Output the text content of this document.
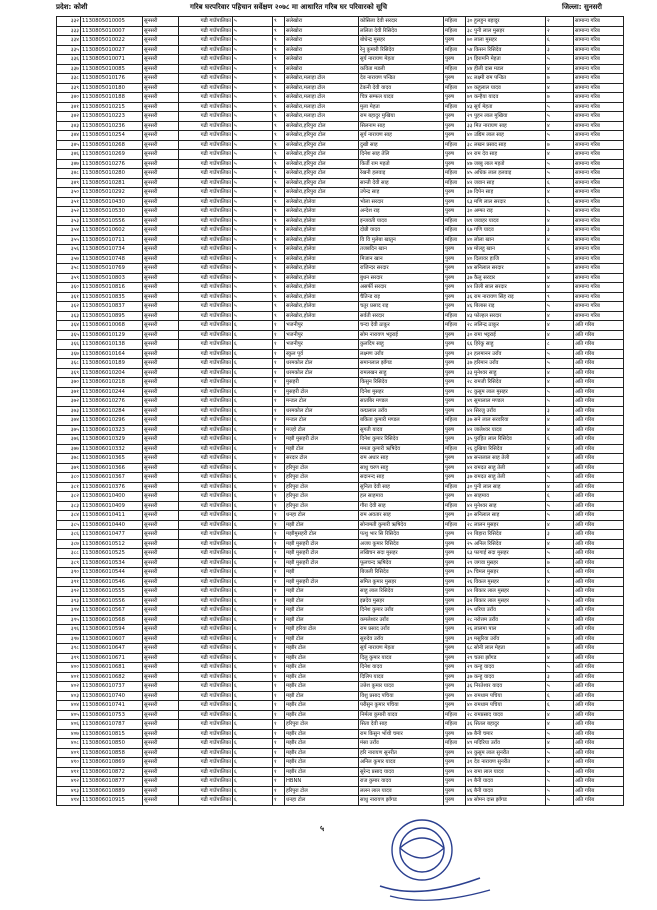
प्रदेश: कोशी	गरिब घरपरिवार पहिचान सर्वेक्षण २०७८ मा आधारित गरिब घर परिवारको सूचि	जिल्ला: सुनसरी
३३२	1130805010005	सुनसरी	गढी गाउँपालिका	५	९	सलेखोरा	कोसिला देवी सरदार	महिला	३० हुलहुन बहादुर	२	सामान्य गरिब
३३३	1130805010007	सुनसरी	गढी गाउँपालिका	५	९	सलेखोरा	ललिता देवी रिसिदेव	महिला	३८ पुनी लाल मुसहर	२	सामान्य गरिब
३३४	1130805010022	सुनसरी	गढी गाउँपालिका	५	९	सलेखोरा	बोधेन्द्र मुसहर	पुरुष	७० लाला मुसहर	६	सामान्य गरिब
३३५	1130805010027	सुनसरी	गढी गाउँपालिका	५	९	सलेखोरा	रेनु कुमारी रिसिदेव	महिला	५४ किसन रिसिदेव	३	सामान्य गरिब
३३६	1130805010071	सुनसरी	गढी गाउँपालिका	५	९	सलेखोरा	सुर्य नारायण मेहता	पुरुष	३९ हिरामनि मेहता	५	सामान्य गरिब
३३७	1130805010085	सुनसरी	गढी गाउँपालिका	५	९	सलेखोरा	कविता मडली	महिला	४४ हीली दास मडल	४	सामान्य गरिब
३३८	1130805010176	सुनसरी	गढी गाउँपालिका	५	९	सलेखोरा,मलाहा टोल	देव नारायण पन्डित	पुरुष	४८ लक्ष्मी राम पन्डित	७	सामान्य गरिब
३३९	1130805010180	सुनसरी	गढी गाउँपालिका	५	९	सलेखोरा,मलाहा टोल	टेकनी देवी यादव	महिला	४० कहूलाल यादव	४	सामान्य गरिब
३४०	1130805010188	सुनसरी	गढी गाउँपालिका	५	९	सलेखोरा,मलाहा टोल	चित्र सम्फल यादव	पुरुष	७९ कन्हैया यादव	७	सामान्य गरिब
३४१	1130805010215	सुनसरी	गढी गाउँपालिका	५	९	सलेखोरा,मलाहा टोल	मुला मेहता	महिला	४३ सुर्य मेहता	५	सामान्य गरिब
३४२	1130805010223	सुनसरी	गढी गाउँपालिका	५	९	सलेखोरा,मलाहा टोल	राम बहादुर मुखिया	पुरुष	२९ पुहन लाल मुखिया	५	सामान्य गरिब
३४३	1130805010236	सुनसरी	गढी गाउँपालिका	५	९	सलेखोरा,हरिपुरा टोल	सिलनाम साह	पुरुष	३३ मित नारायण साह	४	सामान्य गरिब
३४४	1130805010254	सुनसरी	गढी गाउँपालिका	५	९	सलेखोरा,हरिपुरा टोल	सुर्य नारायण साह	पुरुष	४० उद्यिम लाल साह	५	सामान्य गरिब
३४५	1130805010268	सुनसरी	गढी गाउँपालिका	५	९	सलेखोरा,हरिपुरा टोल	दुखी साह	महिला	३८ लखन प्रसाद साह	७	सामान्य गरिब
३४६	1130805010269	सुनसरी	गढी गाउँपालिका	५	९	सलेखोरा,हरिपुरा टोल	दिनेश साह तेलि	पुरुष	४२ राम देव साह	४	सामान्य गरिब
३४७	1130805010276	सुनसरी	गढी गाउँपालिका	५	९	सलेखोरा,हरिपुरा टोल	किर्ती राम महतो	पुरुष	४७ जब्बु लाल महतो	५	सामान्य गरिब
३४८	1130805010280	सुनसरी	गढी गाउँपालिका	५	९	सलेखोरा,हरिपुरा टोल	रेखनी हलवाइ	महिला	४५ अधिक लाल हलवाइ	५	सामान्य गरिब
३४९	1130805010281	सुनसरी	गढी गाउँपालिका	५	९	सलेखोरा,हरिपुरा टोल	सान्ती देवी साह	महिला	४२ जवान साह	६	सामान्य गरिब
३५०	1130805010292	सुनसरी	गढी गाउँपालिका	५	९	सलेखोरा,हरिपुरा टोल	उपेन्द्र साह	पुरुष	३७ दिपेन साह	४	सामान्य गरिब
३५१	1130805010430	सुनसरी	गढी गाउँपालिका	५	९	सलेखोरा,होलेवा	भोला सरदार	पुरुष	६३ मणि लाल सरदार	६	सामान्य गरिब
३५२	1130805010530	सुनसरी	गढी गाउँपालिका	५	९	सलेखोरा,होलेवा	अन्देश राइ	पुरुष	३० अम्फा राइ	५	सामान्य गरिब
३५३	1130805010556	सुनसरी	गढी गाउँपालिका	५	९	सलेखोरा,होलेवा	इन्जवती यादव	महिला	४१ जवाहर यादव	४	सामान्य गरिब
३५४	1130805010602	सुनसरी	गढी गाउँपालिका	५	९	सलेखोरा,होलेवा	दोन्नी यादव	महिला	६७ गणि यादव	३	सामान्य गरिब
३५५	1130805010711	सुनसरी	गढी गाउँपालिका	५	९	सलेखोरा,होलेवा	वि वि मुलेबा खातुन	महिला	४० लोला खान	४	सामान्य गरिब
३५६	1130805010734	सुनसरी	गढी गाउँपालिका	५	९	सलेखोरा,होलेवा	तजबदिन खान	पुरुष	४४ मोलहू खान	६	सामान्य गरिब
३५७	1130805010748	सुनसरी	गढी गाउँपालिका	५	९	सलेखोरा,होलेवा	मिजान खान	पुरुष	४० दिलावर हाजि	५	सामान्य गरिब
३५८	1130805010769	सुनसरी	गढी गाउँपालिका	५	९	सलेखोरा,होलेवा	राजिन्दर सरदार	पुरुष	४४ सनिलाल सरदार	७	सामान्य गरिब
३५९	1130805010803	सुनसरी	गढी गाउँपालिका	५	९	सलेखोरा,होलेवा	बुधन सरदार	पुरुष	३७ कैलु सरदार	४	सामान्य गरिब
३६०	1130805010816	सुनसरी	गढी गाउँपालिका	५	९	सलेखोरा,होलेवा	असर्फी सरदार	पुरुष	४२ तिली साल सरदार	४	सामान्य गरिब
३६१	1130805010835	सुनसरी	गढी गाउँपालिका	५	९	सलेखोरा,होलेवा	चैतिन्ड राइ	पुरुष	३६ राम नारायण सिंह राइ	९	सामान्य गरिब
३६२	1130805010837	सुनसरी	गढी गाउँपालिका	५	९	सलेखोरा,होलेवा	चतुर प्रसाद राइ	पुरुष	४६ बिलास राइ	५	सामान्य गरिब
३६३	1130805010895	सुनसरी	गढी गाउँपालिका	५	९	सलेखोरा,होलेवा	सर्वती सरदार	महिला	४३ फोल्हल सरदार	४	सामान्य गरिब
३६४	1130806010068	सुनसरी	गढी गाउँपालिका	६	१	भजनीपुर	चन्दा देवी ठाकुर	महिला	२८ ललिन्द्र ठाकुर	४	अति गरिब
३६५	1130806010129	सुनसरी	गढी गाउँपालिका	६	१	भजनीपुर	सोम नारायण भट्टराई	पुरुष	३० रामा भट्टराई	४	अति गरिब
३६६	1130806010138	सुनसरी	गढी गाउँपालिका	६	१	भजनीपुर	कुलदिप साहु	पुरुष	६६ हिरेकु साहु	८	अति गरिब
३६७	1130806010164	सुनसरी	गढी गाउँपालिका	६	१	स्कुल पूर्व	लक्ष्मण उराँव	पुरुष	३२ हलमानन उराँव	५	अति गरिब
३६८	1130806010189	सुनसरी	गढी गाउँपालिका	६	१	धरमकोल टोल	समानलाल झाँगड	पुरुष	३७ हरिमान उराँव	५	अति गरिब
३६९	1130806010204	सुनसरी	गढी गाउँपालिका	६	१	धरमकोल टोल	रामलखन साहु	पुरुष	३३ मुनेश्वर साहु	४	अति गरिब
३७०	1130806010218	सुनसरी	गढी गाउँपालिका	६	१	मुसहरी	किसुन रिसिदेव	पुरुष	२८ रामजी रिसिदेव	४	अति गरिब
३७१	1130806010244	सुनसरी	गढी गाउँपालिका	६	१	मुसहरी टोल	दिनेश मुसहर	पुरुष	२८ कुसुम लाल मुसहर	५	अति गरिब
३७२	1130806010276	सुनसरी	गढी गाउँपालिका	६	१	मन्डल टोल	सातबिर मण्डल	पुरुष	४१ सुमालाल मण्डल	५	अति गरिब
३७३	1130806010284	सुनसरी	गढी गाउँपालिका	६	१	धरमकोल टोल	कद्मलाल उराँव	पुरुष	४२ सिरजु उराँव	३	अति गरिब
३७४	1130806010296	सुनसरी	गढी गाउँपालिका	६	१	मन्डल टोल	बकिता कुमारी मण्डल	महिला	३७ सने लाल सरवरिया	४	अति गरिब
३७५	1130806010323	सुनसरी	गढी गाउँपालिका	६	१	मज्हो टोल	सुगती यादव	पुरुष	४२ जालेश्वर यादव	४	अति गरिब
३७६	1130806010329	सुनसरी	गढी गाउँपालिका	६	१	मझौ मुसहरी टोल	दिनेश कुमार रिसिदेव	पुरुष	३५ पुरहित लाल रिसिदेव	६	अति गरिब
३७७	1130806010332	सुनसरी	गढी गाउँपालिका	६	१	मझौ टोल	ममता कुमारी ऋषिदेव	महिला	२६ दुखिया रिसिदेव	४	अति गरिब
३७८	1130806010365	सुनसरी	गढी गाउँपालिका	६	१	सरदार टोल	राम अधार साह	पुरुष	४४ सन्तलाल साह तेली	४	अति गरिब
३७९	1130806010366	सुनसरी	गढी गाउँपालिका	६	१	हरिपुरा टोल	साधु चरण साहु	पुरुष	४२ रामदत साहु तेली	४	अति गरिब
३८०	1130806010367	सुनसरी	गढी गाउँपालिका	६	१	हरिपुरा टोल	सदानन्द साह	पुरुष	३७ रामदत साहु तेली	५	अति गरिब
३८१	1130806010376	सुनसरी	गढी गाउँपालिका	६	१	हरिपुरा टोल	सुनिता देवी साह	महिला	३० पुनी लाल साह	४	अति गरिब
३८२	1130806010400	सुनसरी	गढी गाउँपालिका	६	१	हरिपुरा टोल	हल साहमाव	पुरुष	४० साहमाव	६	अति गरिब
३८३	1130806010409	सुनसरी	गढी गाउँपालिका	६	१	हरिपुरा टोल	गौरा देवी साह	महिला	४२ मुनेश्वर साह	५	अति गरिब
३८४	1130806010411	सुनसरी	गढी गाउँपालिका	६	१	धनहा टोल	राम अवतार साह	पुरुष	३० सनिलाल साह	५	अति गरिब
३८५	1130806010440	सुनसरी	गढी गाउँपालिका	६	१	मझौ टोल	सोनामती कुमारी ऋषिदेव	महिला	२८ लालन मुसहर	४	अति गरिब
३८६	1130806010477	सुनसरी	गढी गाउँपालिका	६	१	मझौमुसहरी टोल	पत्थु भार सि रिसिदेव	पुरुष	२२ बिहारा रिसिदेव	३	अति गरिब
३८७	1130806010512	सुनसरी	गढी गाउँपालिका	६	१	मझौ मुसहरी टोल	अजय कुमार रिसिदेव	पुरुष	२५ अनिल रिसिदेव	४	अति गरिब
३८८	1130806010525	सुनसरी	गढी गाउँपालिका	६	१	मझौ मुसहरी टोल	लखिचन सदा मुसहर	पुरुष	६३ फागाई सदा मुसहर	५	अति गरिब
३८९	1130806010534	सुनसरी	गढी गाउँपालिका	६	१	मझौ मुसहरी टोल	फूलचन्द ऋषिदेव	पुरुष	२९ जगवा मुसहर	७	अति गरिब
३९०	1130806010544	सुनसरी	गढी गाउँपालिका	६	१	मझौ	बिजली रिसिदेव	पुरुष	३५ चिमल मुसहर	६	अति गरिब
३९१	1130806010546	सुनसरी	गढी गाउँपालिका	६	१	मझौ मुसहरी टोल	समित कुमार मुसहर	पुरुष	२६ विकल मुसहर	४	अति गरिब
३९२	1130806010555	सुनसरी	गढी गाउँपालिका	६	१	मझौ टोल	साहु लाल रिसिदेव	पुरुष	४२ बिकार लाल मुसहर	५	अति गरिब
३९३	1130806010556	सुनसरी	गढी गाउँपालिका	६	१	मझौ टोल	इन्नदेव मुसहर	पुरुष	३२ बिकार लाल मुसहर	५	अति गरिब
३९४	1130806010567	सुनसरी	गढी गाउँपालिका	६	१	मझौ टोल	दिनेश कुमार उराँव	पुरुष	२५ धरिया उराँव	५	अति गरिब
३९५	1130806010568	सुनसरी	गढी गाउँपालिका	६	१	मझौ टोल	कमलेश्वर उराँव	पुरुष	२८ नरोत्तम उराँव	४	अति गरिब
३९६	1130806010594	सुनसरी	गढी गाउँपालिका	६	१	मझौ हरिया टोल	राम प्रसाद उराँव	पुरुष	२६ लालमा पाल	५	अति गरिब
३९७	1130806010607	सुनसरी	गढी गाउँपालिका	६	१	मझौ टोल	सुरुदेव उराँव	पुरुष	३९ मसुरिया उराँव	७	अति गरिब
३९८	1130806010647	सुनसरी	गढी गाउँपालिका	६	१	मझौर टोल	सुर्य नारायण मेहता	पुरुष	६८ सोनी लाल मेहता	७	अति गरिब
३९९	1130806010671	सुनसरी	गढी गाउँपालिका	६	१	मझौर टोल	दिलु कुमार यादव	पुरुष	२९ चतरा झाँगड	४	अति गरिब
४००	1130806010681	सुनसरी	गढी गाउँपालिका	६	१	मझौर टोल	दिनेश यादव	पुरुष	२९ कन्हु यादव	५	अति गरिब
४०१	1130806010682	सुनसरी	गढी गाउँपालिका	६	१	मझौर टोल	दिलिप यादव	पुरुष	३७ कन्हु यादव	३	अति गरिब
४०२	1130806010737	सुनसरी	गढी गाउँपालिका	६	१	मझौर टोल	उत्तेश कुमार यादव	पुरुष	३६ निरतेश्वर यादव	५	अति गरिब
४०३	1130806010740	सुनसरी	गढी गाउँपालिका	६	१	मझौ टोल	विशु प्रसाद पचिया	पुरुष	४० रामधाम पचिया	६	अति गरिब
४०४	1130806010741	सुनसरी	गढी गाउँपालिका	६	१	मझौर टोल	परीसुन कुमार पचिया	पुरुष	४० रामधाम पचिया	६	अति गरिब
४०५	1130806010753	सुनसरी	गढी गाउँपालिका	६	१	मझौर टोल	निर्मला कुमारी यादव	महिला	२८ रामप्रसाद यादव	४	अति गरिब
४०६	1130806010787	सुनसरी	गढी गाउँपालिका	६	१	हरिपुरा टोल	सिता देवी साह	महिला	३६ सितल बहादुर	४	अति गरिब
४०७	1130806010815	सुनसरी	गढी गाउँपालिका	६	१	मझौर टोल	राम किसुन भोंथी चमार	पुरुष	४७ बैनी चमार	५	अति गरिब
४०८	1130806010850	सुनसरी	गढी गाउँपालिका	६	१	मझौर टोल	मंसा उराँव	महिला	४९ मदिरिया उराँव	४	अति गरिब
४०९	1130806010858	सुनसरी	गढी गाउँपालिका	६	१	मझौर टोल	हरि नारायण सुनरीत	पुरुष	४२ कुसुम लाल सुनरीत	५	अति गरिब
४१०	1130806010869	सुनसरी	गढी गाउँपालिका	६	१	मझौर टोल	अनिल कुमार यादव	पुरुष	३१ देव नारायण सुनरीत	४	अति गरिब
४११	1130806010872	सुनसरी	गढी गाउँपालिका	६	१	मझौर टोल	सुरेन्द प्रसाद यादव	पुरुष	४२ रामा लाल यादव	५	अति गरिब
४१२	1130806010877	सुनसरी	गढी गाउँपालिका	६	१	HBNN	राज कुमार यादव	पुरुष	२९ बैनी यादव	५	अति गरिब
४१३	1130806010889	सुनसरी	गढी गाउँपालिका	६	१	हरिपुरा टोल	ललन लाल यादव	पुरुष	४६ बैनी यादव	५	अति गरिब
४१४	1130806010915	सुनसरी	गढी गाउँपालिका	६	१	धनहा टोल	साधु नारायण झाँगड	पुरुष	४४ सोमन दास झाँगड	५	अति गरिब
५
